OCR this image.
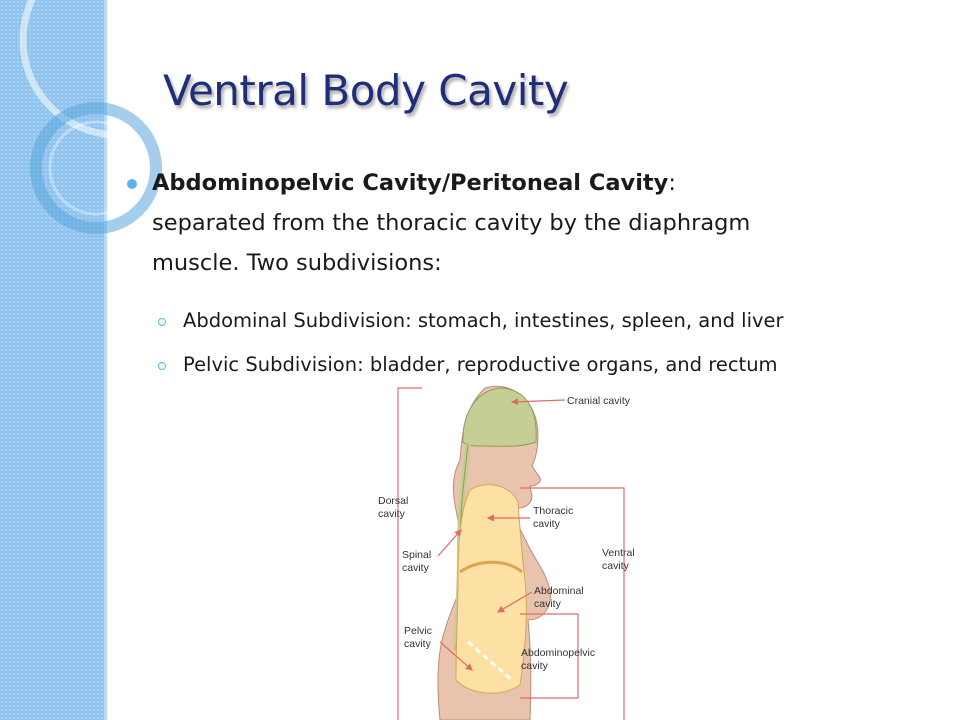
Ventral Body Cavity
Abdominopelvic Cavity/Peritoneal Cavity:
separated from the thoracic cavity by the diaphragm
muscle. Two subdivisions:
Abdominal Subdivision: stomach, intestines, spleen, and liver
Pelvic Subdivision: bladder, reproductive organs, and rectum
Cranial cavity
Dorsal cavity	Thoracic cavity
Spinal cavity
Ventral cavity
Abdominal cavity
Pelvic cavity
Abdominopelvic cavity
